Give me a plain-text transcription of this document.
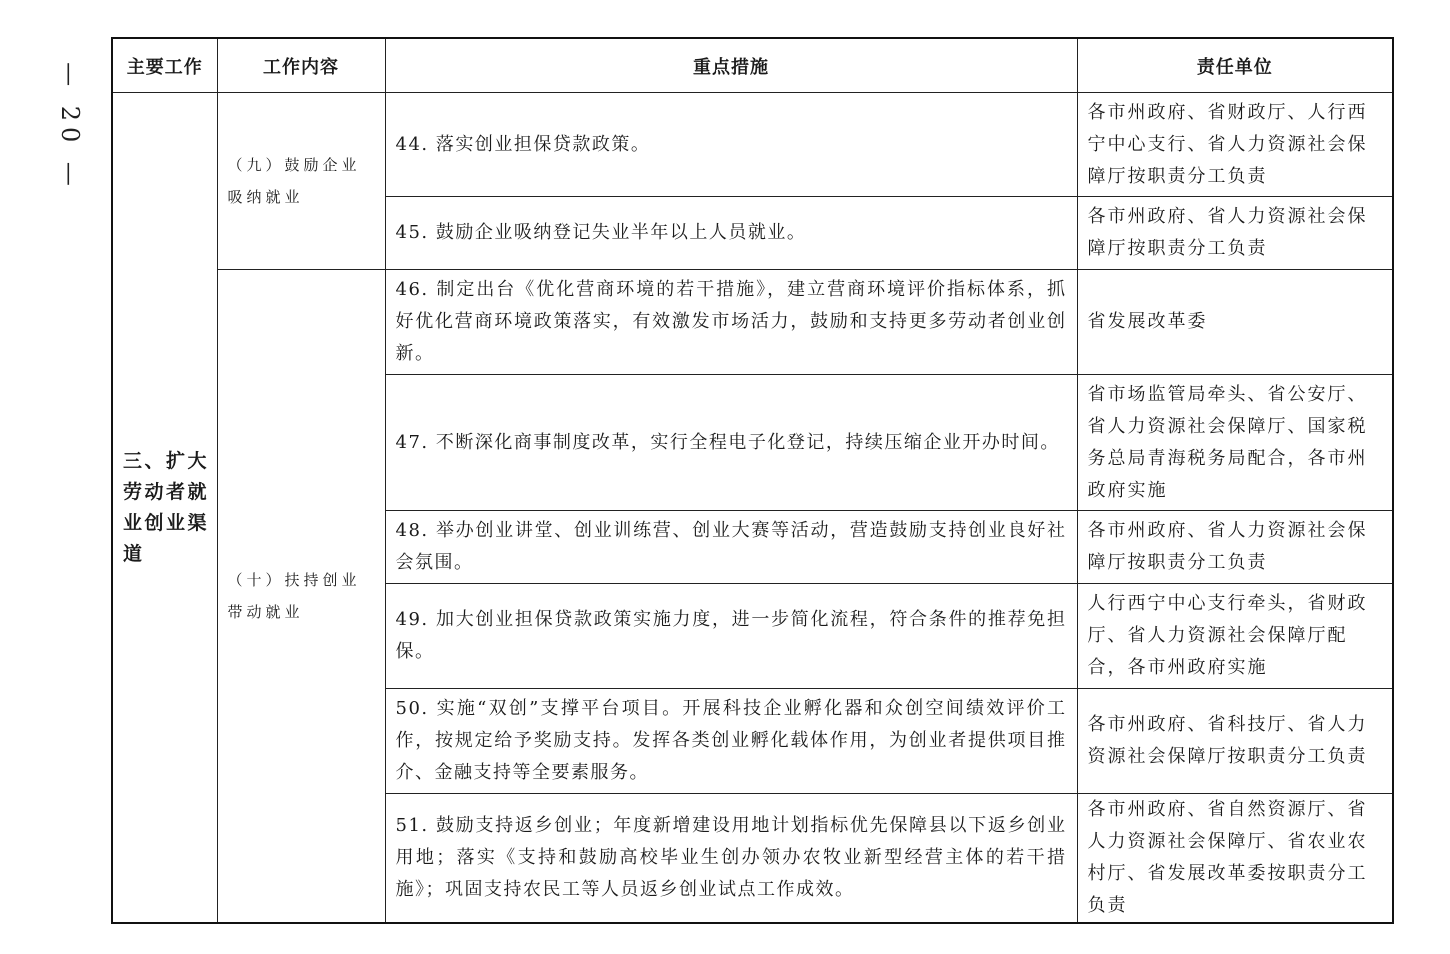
— 20 — 主要工作	工作内容	重点措施	责任单位
三、扩大劳动者就业创业渠道	（九）鼓励企业吸纳就业	44. 落实创业担保贷款政策。	各市州政府、省财政厅、人行西宁中心支行、省人力资源社会保障厅按职责分工负责
		45. 鼓励企业吸纳登记失业半年以上人员就业。	各市州政府、省人力资源社会保障厅按职责分工负责
	（十）扶持创业带动就业	46. 制定出台《优化营商环境的若干措施》，建立营商环境评价指标体系，抓好优化营商环境政策落实，有效激发市场活力，鼓励和支持更多劳动者创业创新。	省发展改革委
		47. 不断深化商事制度改革，实行全程电子化登记，持续压缩企业开办时间。	省市场监管局牵头、省公安厅、省人力资源社会保障厅、国家税务总局青海税务局配合，各市州政府实施
		48. 举办创业讲堂、创业训练营、创业大赛等活动，营造鼓励支持创业良好社会氛围。	各市州政府、省人力资源社会保障厅按职责分工负责
		49. 加大创业担保贷款政策实施力度，进一步简化流程，符合条件的推荐免担保。	人行西宁中心支行牵头，省财政厅、省人力资源社会保障厅配合，各市州政府实施
		50. 实施“双创”支撑平台项目。开展科技企业孵化器和众创空间绩效评价工作，按规定给予奖励支持。发挥各类创业孵化载体作用，为创业者提供项目推介、金融支持等全要素服务。	各市州政府、省科技厅、省人力资源社会保障厅按职责分工负责
		51. 鼓励支持返乡创业；年度新增建设用地计划指标优先保障县以下返乡创业用地；落实《支持和鼓励高校毕业生创办领办农牧业新型经营主体的若干措施》；巩固支持农民工等人员返乡创业试点工作成效。	各市州政府、省自然资源厅、省人力资源社会保障厅、省农业农村厅、省发展改革委按职责分工负责
